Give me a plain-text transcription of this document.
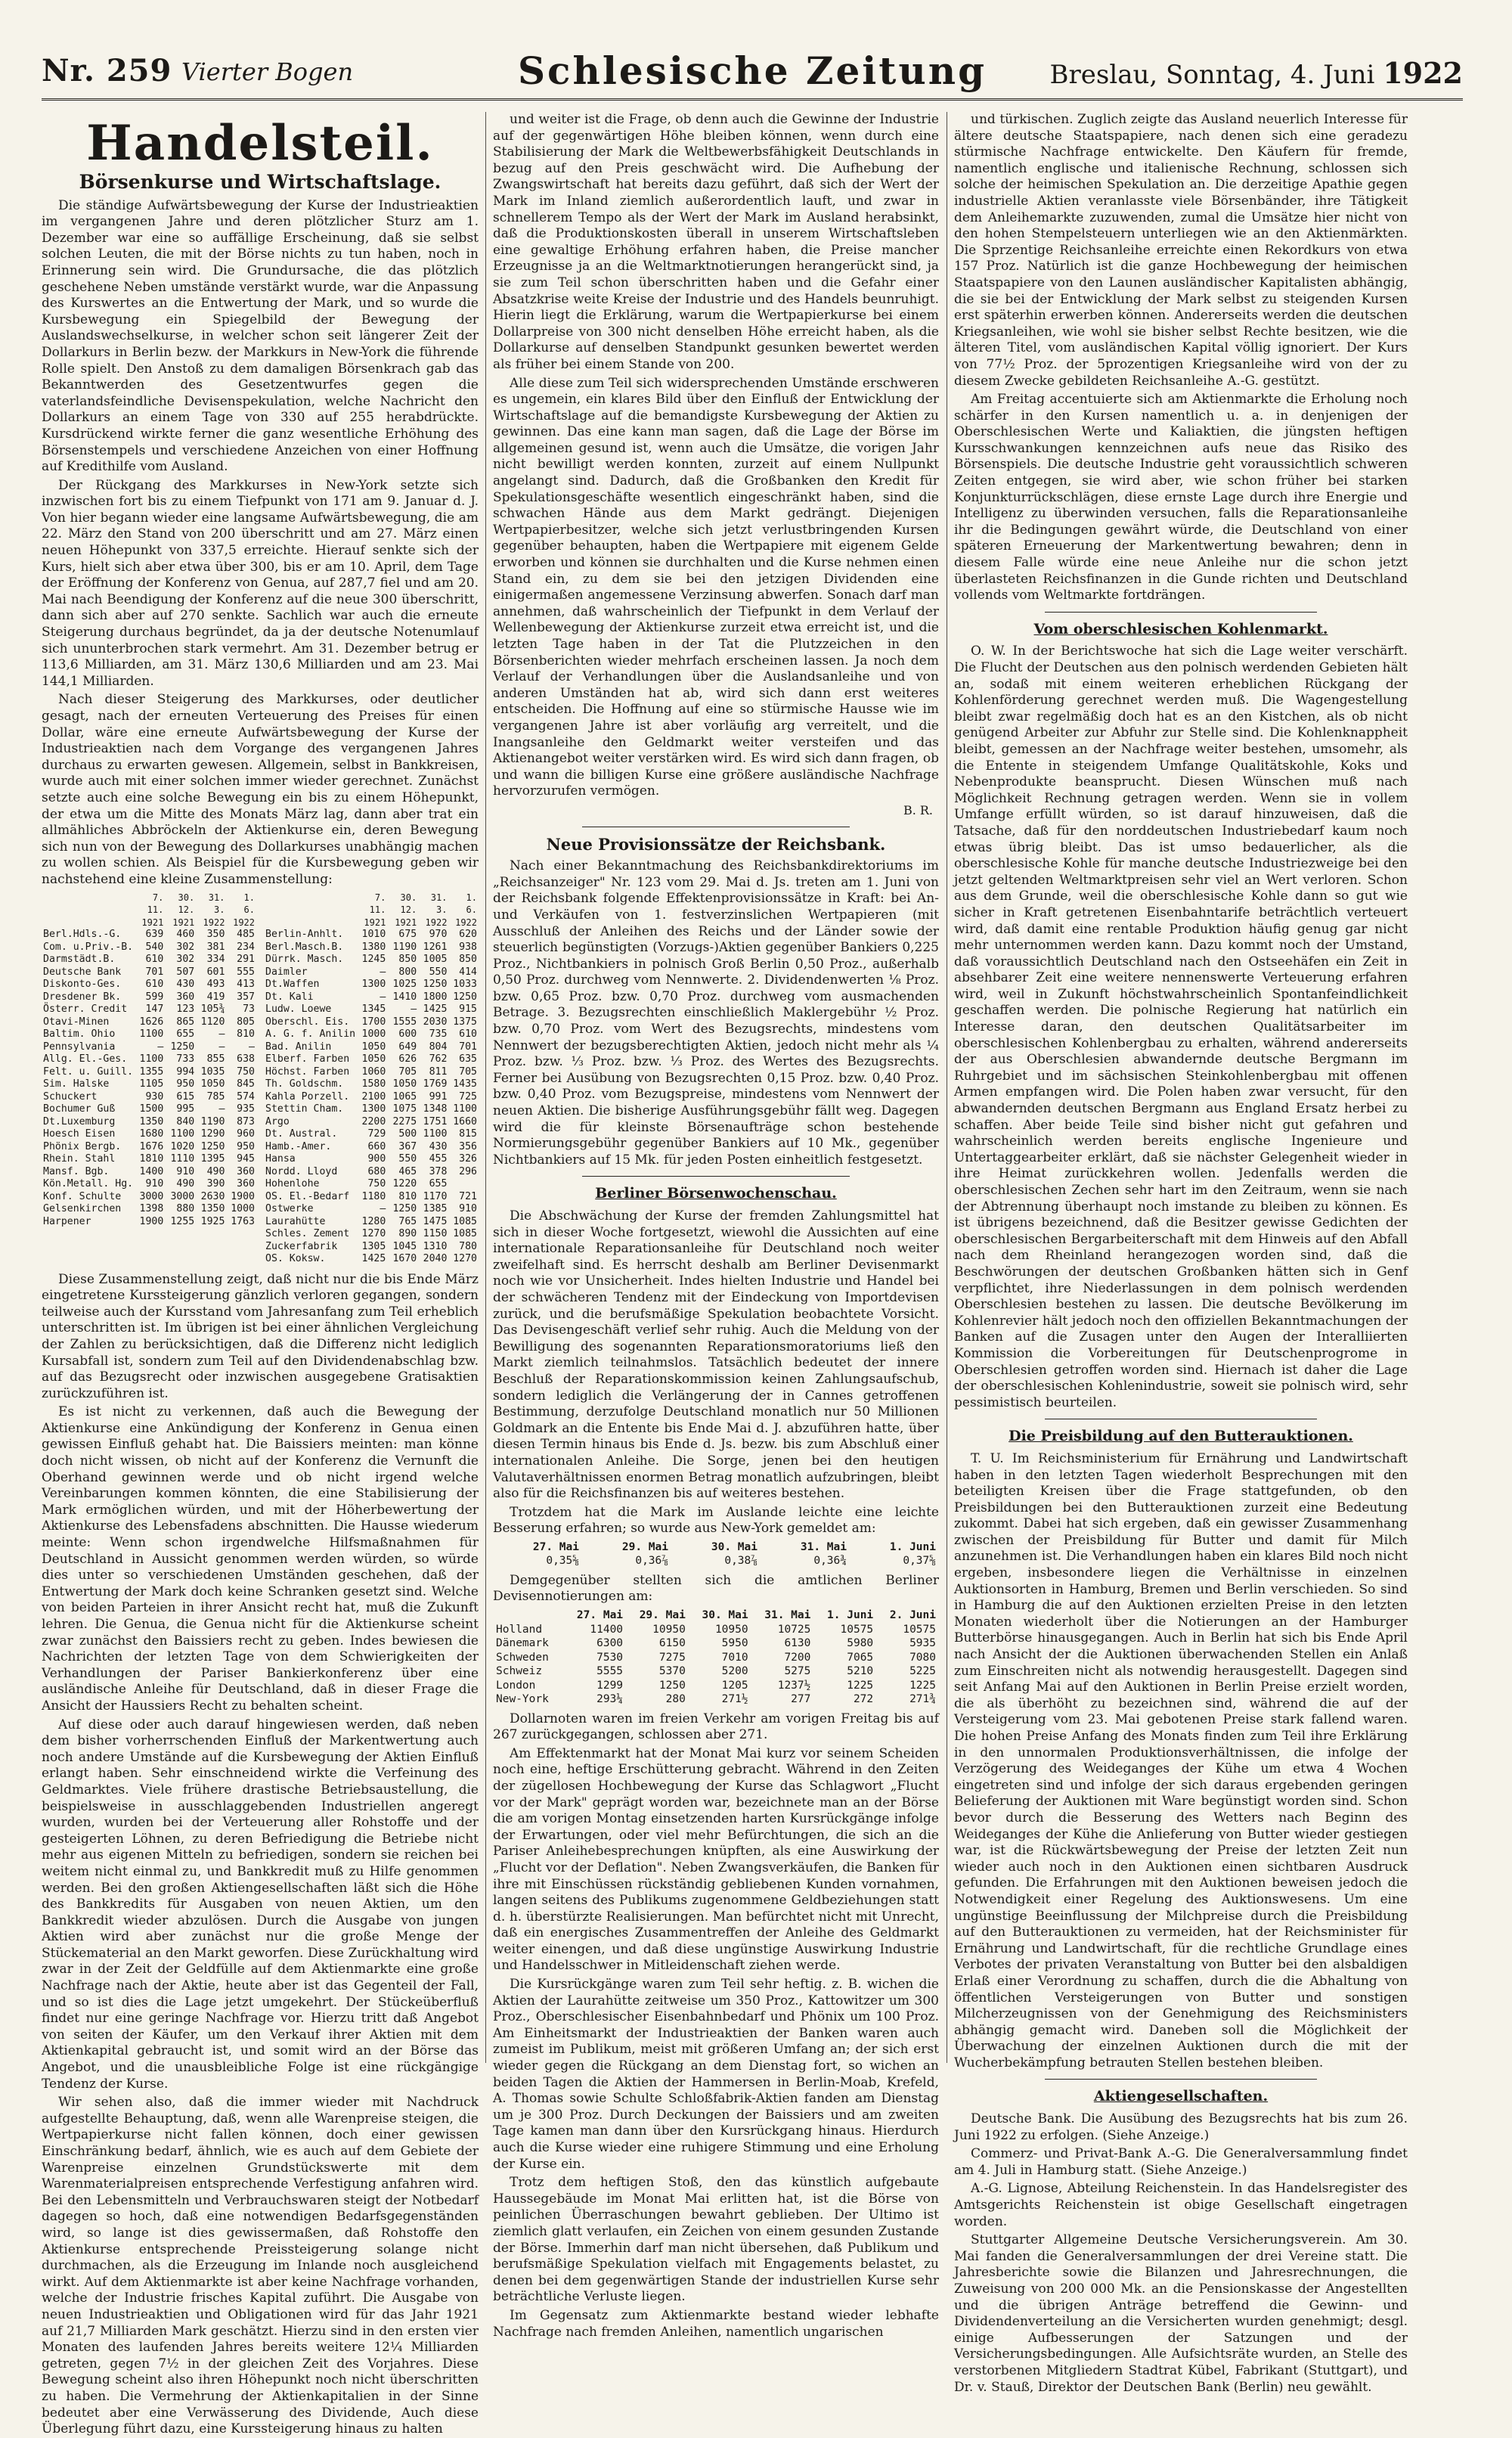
Nr. 259 Vierter Bogen	Schlesische Zeitung	Breslau, Sonntag, 4. Juni 1922
Handelsteil.
Börsenkurse und Wirtschaftslage.

Die ständige Aufwärtsbewegung der Kurse der Industrieaktien im vergangenen Jahre und deren plötzlicher Sturz am 1. Dezember war eine so auffällige Erscheinung, daß sie selbst solchen Leuten, die mit der Börse nichts zu tun haben, noch in Erinnerung sein wird. Die Grundursache, die das plötzlich geschehene Neben umstände verstärkt wurde, war die Anpassung des Kurswertes an die Entwertung der Mark, und so wurde die Kursbewegung ein Spiegelbild der Bewegung der Auslandswechselkurse, in welcher schon seit längerer Zeit der Dollarkurs in Berlin bezw. der Markkurs in New-York die führende Rolle spielt. Den Anstoß zu dem damaligen Börsenkrach gab das Bekanntwerden des Gesetzentwurfes gegen die vaterlandsfeindliche Devisenspekulation, welche Nachricht den Dollarkurs an einem Tage von 330 auf 255 herabdrückte. Kursdrückend wirkte ferner die ganz wesentliche Erhöhung des Börsenstempels und verschiedene Anzeichen von einer Hoffnung auf Kredithilfe vom Ausland.

Der Rückgang des Markkurses in New-York setzte sich inzwischen fort bis zu einem Tiefpunkt von 171 am 9. Januar d. J. Von hier begann wieder eine langsame Aufwärtsbewegung, die am 22. März den Stand von 200 überschritt und am 27. März einen neuen Höhepunkt von 337,5 erreichte. Hierauf senkte sich der Kurs, hielt sich aber etwa über 300, bis er am 10. April, dem Tage der Eröffnung der Konferenz von Genua, auf 287,7 fiel und am 20. Mai nach Beendigung der Konferenz auf die neue 300 überschritt, dann sich aber auf 270 senkte. Sachlich war auch die erneute Steigerung durchaus begründet, da ja der deutsche Notenumlauf sich ununterbrochen stark vermehrt. Am 31. Dezember betrug er 113,6 Milliarden, am 31. März 130,6 Milliarden und am 23. Mai 144,1 Milliarden.

Nach dieser Steigerung des Markkurses, oder deutlicher gesagt, nach der erneuten Verteuerung des Preises für einen Dollar, wäre eine erneute Aufwärtsbewegung der Kurse der Industrieaktien nach dem Vorgange des vergangenen Jahres durchaus zu erwarten gewesen. Allgemein, selbst in Bankkreisen, wurde auch mit einer solchen immer wieder gerechnet. Zunächst setzte auch eine solche Bewegung ein bis zu einem Höhepunkt, der etwa um die Mitte des Monats März lag, dann aber trat ein allmähliches Abbröckeln der Aktienkurse ein, deren Bewegung sich nun von der Bewegung des Dollarkurses unabhängig machen zu wollen schien. Als Beispiel für die Kursbewegung geben wir nachstehend eine kleine Zusammenstellung:

	7. 11. 1921	30. 12. 1921	31. 3. 1922	1. 6. 1922
Berl.Hdls.-G.	639	460	350	485
Com. u.Priv.-B.	540	302	381	234
Darmstädt.B.	610	302	334	291
Deutsche Bank	701	507	601	555
Diskonto-Ges.	610	430	493	413
Dresdener Bk.	599	360	419	357
Österr. Credit	147	123	105¾	73

Otavi-Minen	1626	865	1120	805
Baltim. Ohio	1100	655	—	810
Pennsylvania	—	1250	—	—

Allg. El.-Ges.	1100	733	855	638
Felt. u. Guill.	1355	994	1035	750
Sim. Halske	1105	950	1050	845
Schuckert	930	615	785	574

Bochumer Guß	1500	995	—	935
Dt.Luxemburg	1350	840	1190	873
Hoesch Eisen	1680	1100	1290	960
Phönix Bergb.	1676	1020	1250	950
Rhein. Stahl	1810	1110	1395	945
Mansf. Bgb.	1400	910	490	360
Kön.Metall. Hg.	910	490	390	360
Konf. Schulte	3000	3000	2630	1900
Gelsenkirchen	1398	880	1350	1000
Harpener	1900	1255	1925	1763
	7. 11. 1921	30. 12. 1921	31. 3. 1922	1. 6. 1922
Berlin-Anhlt.	1010	675	970	620
Berl.Masch.B.	1380	1190	1261	938
Dürrk. Masch.	1245	850	1005	850
Daimler	—	800	550	414
Dt.Waffen	1300	1025	1250	1033
Dt. Kali	—	1410	1800	1250
Ludw. Loewe	1345	—	1425	915
Oberschl. Eis.	1700	1555	2030	1375

A. G. f. Anilin	1000	600	735	610
Bad. Anilin	1050	649	804	701
Elberf. Farben	1050	626	762	635
Höchst. Farben	1060	705	811	705
Th. Goldschm.	1580	1050	1769	1435
Kahla Porzell.	2100	1065	991	725
Stettin Cham.	1300	1075	1348	1100

Argo	2200	2275	1751	1660
Dt. Austral.	729	500	1100	815
Hamb.-Amer.	660	367	430	356
Hansa	900	550	455	326
Nordd. Lloyd	680	465	378	296

Hohenlohe	750	1220	655	
OS. El.-Bedarf	1180	810	1170	721
Ostwerke	—	1250	1385	910
Laurahütte	1280	765	1475	1085
Schles. Zement	1270	890	1150	1085
Zuckerfabrik	1305	1045	1310	780
OS. Koksw.	1425	1670	2040	1270

Diese Zusammenstellung zeigt, daß nicht nur die bis Ende März eingetretene Kurssteigerung gänzlich verloren gegangen, sondern teilweise auch der Kursstand vom Jahresanfang zum Teil erheblich unterschritten ist. Im übrigen ist bei einer ähnlichen Vergleichung der Zahlen zu berücksichtigen, daß die Differenz nicht lediglich Kursabfall ist, sondern zum Teil auf den Dividendenabschlag bzw. auf das Bezugsrecht oder inzwischen ausgegebene Gratisaktien zurückzuführen ist.

Es ist nicht zu verkennen, daß auch die Bewegung der Aktienkurse eine Ankündigung der Konferenz in Genua einen gewissen Einfluß gehabt hat. Die Baissiers meinten: man könne doch nicht wissen, ob nicht auf der Konferenz die Vernunft die Oberhand gewinnen werde und ob nicht irgend welche Vereinbarungen kommen könnten, die eine Stabilisierung der Mark ermöglichen würden, und mit der Höherbewertung der Aktienkurse des Lebensfadens abschnitten. Die Hausse wiederum meinte: Wenn schon irgendwelche Hilfsmaßnahmen für Deutschland in Aussicht genommen werden würden, so würde dies unter so verschiedenen Umständen geschehen, daß der Entwertung der Mark doch keine Schranken gesetzt sind. Welche von beiden Parteien in ihrer Ansicht recht hat, muß die Zukunft lehren. Die Genua, die Genua nicht für die Aktienkurse scheint zwar zunächst den Baissiers recht zu geben. Indes bewiesen die Nachrichten der letzten Tage von dem Schwierigkeiten der Verhandlungen der Pariser Bankierkonferenz über eine ausländische Anleihe für Deutschland, daß in dieser Frage die Ansicht der Haussiers Recht zu behalten scheint.

Auf diese oder auch darauf hingewiesen werden, daß neben dem bisher vorherrschenden Einfluß der Markentwertung auch noch andere Umstände auf die Kursbewegung der Aktien Einfluß erlangt haben. Sehr einschneidend wirkte die Verfeinung des Geldmarktes. Viele frühere drastische Betriebsaustellung, die beispielsweise in ausschlaggebenden Industriellen angeregt wurden, wurden bei der Verteuerung aller Rohstoffe und der gesteigerten Löhnen, zu deren Befriedigung die Betriebe nicht mehr aus eigenen Mitteln zu befriedigen, sondern sie reichen bei weitem nicht einmal zu, und Bankkredit muß zu Hilfe genommen werden. Bei den großen Aktiengesellschaften läßt sich die Höhe des Bankkredits für Ausgaben von neuen Aktien, um den Bankkredit wieder abzulösen. Durch die Ausgabe von jungen Aktien wird aber zunächst nur die große Menge der Stückematerial an den Markt geworfen. Diese Zurückhaltung wird zwar in der Zeit der Geldfülle auf dem Aktienmarkte eine große Nachfrage nach der Aktie, heute aber ist das Gegenteil der Fall, und so ist dies die Lage jetzt umgekehrt. Der Stückeüberfluß findet nur eine geringe Nachfrage vor. Hierzu tritt daß Angebot von seiten der Käufer, um den Verkauf ihrer Aktien mit dem Aktienkapital gebraucht ist, und somit wird an der Börse das Angebot, und die unausbleibliche Folge ist eine rückgängige Tendenz der Kurse.

Wir sehen also, daß die immer wieder mit Nachdruck aufgestellte Behauptung, daß, wenn alle Warenpreise steigen, die Wertpapierkurse nicht fallen können, doch einer gewissen Einschränkung bedarf, ähnlich, wie es auch auf dem Gebiete der Warenpreise einzelnen Grundstückswerte mit dem Warenmaterialpreisen entsprechende Verfestigung anfahren wird. Bei den Lebensmitteln und Verbrauchswaren steigt der Notbedarf dagegen so hoch, daß eine notwendigen Bedarfsgegenständen wird, so lange ist dies gewissermaßen, daß Rohstoffe den Aktienkurse entsprechende Preissteigerung solange nicht durchmachen, als die Erzeugung im Inlande noch ausgleichend wirkt. Auf dem Aktienmarkte ist aber keine Nachfrage vorhanden, welche der Industrie frisches Kapital zuführt. Die Ausgabe von neuen Industrieaktien und Obligationen wird für das Jahr 1921 auf 21,7 Milliarden Mark geschätzt. Hierzu sind in den ersten vier Monaten des laufenden Jahres bereits weitere 12¼ Milliarden getreten, gegen 7½ in der gleichen Zeit des Vorjahres. Diese Bewegung scheint also ihren Höhepunkt noch nicht überschritten zu haben. Die Vermehrung der Aktienkapitalien in der Sinne bedeutet aber eine Verwässerung des Dividende, Auch diese Überlegung führt dazu, eine Kurssteigerung hinaus zu halten

und weiter ist die Frage, ob denn auch die Gewinne der Industrie auf der gegenwärtigen Höhe bleiben können, wenn durch eine Stabilisierung der Mark die Weltbewerbsfähigkeit Deutschlands in bezug auf den Preis geschwächt wird. Die Aufhebung der Zwangswirtschaft hat bereits dazu geführt, daß sich der Wert der Mark im Inland ziemlich außerordentlich lauft, und zwar in schnellerem Tempo als der Wert der Mark im Ausland herabsinkt, daß die Produktionskosten überall in unserem Wirtschaftsleben eine gewaltige Erhöhung erfahren haben, die Preise mancher Erzeugnisse ja an die Weltmarktnotierungen herangerückt sind, ja sie zum Teil schon überschritten haben und die Gefahr einer Absatzkrise weite Kreise der Industrie und des Handels beunruhigt. Hierin liegt die Erklärung, warum die Wertpapierkurse bei einem Dollarpreise von 300 nicht denselben Höhe erreicht haben, als die Dollarkurse auf denselben Standpunkt gesunken bewertet werden als früher bei einem Stande von 200.

Alle diese zum Teil sich widersprechenden Umstände erschweren es ungemein, ein klares Bild über den Einfluß der Entwicklung der Wirtschaftslage auf die bemandigste Kursbewegung der Aktien zu gewinnen. Das eine kann man sagen, daß die Lage der Börse im allgemeinen gesund ist, wenn auch die Umsätze, die vorigen Jahr nicht bewilligt werden konnten, zurzeit auf einem Nullpunkt angelangt sind. Dadurch, daß die Großbanken den Kredit für Spekulationsgeschäfte wesentlich eingeschränkt haben, sind die schwachen Hände aus dem Markt gedrängt. Diejenigen Wertpapierbesitzer, welche sich jetzt verlustbringenden Kursen gegenüber behaupten, haben die Wertpapiere mit eigenem Gelde erworben und können sie durchhalten und die Kurse nehmen einen Stand ein, zu dem sie bei den jetzigen Dividenden eine einigermaßen angemessene Verzinsung abwerfen. Sonach darf man annehmen, daß wahrscheinlich der Tiefpunkt in dem Verlauf der Wellenbewegung der Aktienkurse zurzeit etwa erreicht ist, und die letzten Tage haben in der Tat die Plutzzeichen in den Börsenberichten wieder mehrfach erscheinen lassen. Ja noch dem Verlauf der Verhandlungen über die Auslandsanleihe und von anderen Umständen hat ab, wird sich dann erst weiteres entscheiden. Die Hoffnung auf eine so stürmische Hausse wie im vergangenen Jahre ist aber vorläufig arg verreitelt, und die Inangsanleihe den Geldmarkt weiter versteifen und das Aktienangebot weiter verstärken wird. Es wird sich dann fragen, ob und wann die billigen Kurse eine größere ausländische Nachfrage hervorzurufen vermögen.

B. R.
Neue Provisionssätze der Reichsbank.

Nach einer Bekanntmachung des Reichsbankdirektoriums im „Reichsanzeiger" Nr. 123 vom 29. Mai d. Js. treten am 1. Juni von der Reichsbank folgende Effektenprovisionssätze in Kraft: bei An- und Verkäufen von 1. festverzinslichen Wertpapieren (mit Ausschluß der Anleihen des Reichs und der Länder sowie der steuerlich begünstigten (Vorzugs-)Aktien gegenüber Bankiers 0,225 Proz., Nichtbankiers in polnisch Groß Berlin 0,50 Proz., außerhalb 0,50 Proz. durchweg vom Nennwerte. 2. Dividendenwerten ⅛ Proz. bzw. 0,65 Proz. bzw. 0,70 Proz. durchweg vom ausmachenden Betrage. 3. Bezugsrechten einschließlich Maklergebühr ½ Proz. bzw. 0,70 Proz. vom Wert des Bezugsrechts, mindestens vom Nennwert der bezugsberechtigten Aktien, jedoch nicht mehr als ¼ Proz. bzw. ⅓ Proz. bzw. ⅓ Proz. des Wertes des Bezugsrechts. Ferner bei Ausübung von Bezugsrechten 0,15 Proz. bzw. 0,40 Proz. bzw. 0,40 Proz. vom Bezugspreise, mindestens vom Nennwert der neuen Aktien. Die bisherige Ausführungsgebühr fällt weg. Dagegen wird die für kleinste Börsenaufträge schon bestehende Normierungsgebühr gegenüber Bankiers auf 10 Mk., gegenüber Nichtbankiers auf 15 Mk. für jeden Posten einheitlich festgesetzt.

Berliner Börsenwochenschau.

Die Abschwächung der Kurse der fremden Zahlungsmittel hat sich in dieser Woche fortgesetzt, wiewohl die Aussichten auf eine internationale Reparationsanleihe für Deutschland noch weiter zweifelhaft sind. Es herrscht deshalb am Berliner Devisenmarkt noch wie vor Unsicherheit. Indes hielten Industrie und Handel bei der schwächeren Tendenz mit der Eindeckung von Importdevisen zurück, und die berufsmäßige Spekulation beobachtete Vorsicht. Das Devisengeschäft verlief sehr ruhig. Auch die Meldung von der Bewilligung des sogenannten Reparationsmoratoriums ließ den Markt ziemlich teilnahmslos. Tatsächlich bedeutet der innere Beschluß der Reparationskommission keinen Zahlungsaufschub, sondern lediglich die Verlängerung der in Cannes getroffenen Bestimmung, derzufolge Deutschland monatlich nur 50 Millionen Goldmark an die Entente bis Ende Mai d. J. abzuführen hatte, über diesen Termin hinaus bis Ende d. Js. bezw. bis zum Abschluß einer internationalen Anleihe. Die Sorge, jenen bei den heutigen Valutaverhältnissen enormen Betrag monatlich aufzubringen, bleibt also für die Reichsfinanzen bis auf weiteres bestehen.

Trotzdem hat die Mark im Auslande leichte eine leichte Besserung erfahren; so wurde aus New-York gemeldet am:

27. Mai	29. Mai	30. Mai	31. Mai	1. Juni
0,35⅝	0,36⅞	0,38⅞	0,36¾	0,37⅝

Demgegenüber stellten sich die amtlichen Berliner Devisennotierungen am:

	27. Mai	29. Mai	30. Mai	31. Mai	1. Juni	2. Juni
Holland	11400	10950	10950	10725	10575	10575
Dänemark	6300	6150	5950	6130	5980	5935
Schweden	7530	7275	7010	7200	7065	7080
Schweiz	5555	5370	5200	5275	5210	5225
London	1299	1250	1205	1237½	1225	1225
New-York	293¼	280	271½	277	272	271¾

Dollarnoten waren im freien Verkehr am vorigen Freitag bis auf 267 zurückgegangen, schlossen aber 271.

Am Effektenmarkt hat der Monat Mai kurz vor seinem Scheiden noch eine, heftige Erschütterung gebracht. Während in den Zeiten der zügellosen Hochbewegung der Kurse das Schlagwort „Flucht vor der Mark" geprägt worden war, bezeichnete man an der Börse die am vorigen Montag einsetzenden harten Kursrückgänge infolge der Erwartungen, oder viel mehr Befürchtungen, die sich an die Pariser Anleihebesprechungen knüpften, als eine Auswirkung der „Flucht vor der Deflation". Neben Zwangsverkäufen, die Banken für ihre mit Einschüssen rückständig gebliebenen Kunden vornahmen, langen seitens des Publikums zugenommene Geldbeziehungen statt d. h. überstürzte Realisierungen. Man befürchtet nicht mit Unrecht, daß ein energisches Zusammentreffen der Anleihe des Geldmarkt weiter einengen, und daß diese ungünstige Auswirkung Industrie und Handelsschwer in Mitleidenschaft ziehen werde.

Die Kursrückgänge waren zum Teil sehr heftig. z. B. wichen die Aktien der Laurahütte zeitweise um 350 Proz., Kattowitzer um 300 Proz., Oberschlesischer Eisenbahnbedarf und Phönix um 100 Proz. Am Einheitsmarkt der Industrieaktien der Banken waren auch zumeist im Publikum, meist mit größeren Umfang an; der sich erst wieder gegen die Rückgang an dem Dienstag fort, so wichen an beiden Tagen die Aktien der Hammersen in Berlin-Moab, Krefeld, A. Thomas sowie Schulte Schloßfabrik-Aktien fanden am Dienstag um je 300 Proz. Durch Deckungen der Baissiers und am zweiten Tage kamen man dann über den Kursrückgang hinaus. Hierdurch auch die Kurse wieder eine ruhigere Stimmung und eine Erholung der Kurse ein.

Trotz dem heftigen Stoß, den das künstlich aufgebaute Haussegebäude im Monat Mai erlitten hat, ist die Börse von peinlichen Überraschungen bewahrt geblieben. Der Ultimo ist ziemlich glatt verlaufen, ein Zeichen von einem gesunden Zustande der Börse. Immerhin darf man nicht übersehen, daß Publikum und berufsmäßige Spekulation vielfach mit Engagements belastet, zu denen bei dem gegenwärtigen Stande der industriellen Kurse sehr beträchtliche Verluste liegen.

Im Gegensatz zum Aktienmarkte bestand wieder lebhafte Nachfrage nach fremden Anleihen, namentlich ungarischen

und türkischen. Zuglich zeigte das Ausland neuerlich Interesse für ältere deutsche Staatspapiere, nach denen sich eine geradezu stürmische Nachfrage entwickelte. Den Käufern für fremde, namentlich englische und italienische Rechnung, schlossen sich solche der heimischen Spekulation an. Die derzeitige Apathie gegen industrielle Aktien veranlasste viele Börsenbänder, ihre Tätigkeit dem Anleihemarkte zuzuwenden, zumal die Umsätze hier nicht von den hohen Stempelsteuern unterliegen wie an den Aktienmärkten. Die Sprzentige Reichsanleihe erreichte einen Rekordkurs von etwa 157 Proz. Natürlich ist die ganze Hochbewegung der heimischen Staatspapiere von den Launen ausländischer Kapitalisten abhängig, die sie bei der Entwicklung der Mark selbst zu steigenden Kursen erst späterhin erwerben können. Andererseits werden die deutschen Kriegsanleihen, wie wohl sie bisher selbst Rechte besitzen, wie die älteren Titel, vom ausländischen Kapital völlig ignoriert. Der Kurs von 77½ Proz. der 5prozentigen Kriegsanleihe wird von der zu diesem Zwecke gebildeten Reichsanleihe A.-G. gestützt.

Am Freitag accentuierte sich am Aktienmarkte die Erholung noch schärfer in den Kursen namentlich u. a. in denjenigen der Oberschlesischen Werte und Kaliaktien, die jüngsten heftigen Kursschwankungen kennzeichnen aufs neue das Risiko des Börsenspiels. Die deutsche Industrie geht voraussichtlich schweren Zeiten entgegen, sie wird aber, wie schon früher bei starken Konjunkturrückschlägen, diese ernste Lage durch ihre Energie und Intelligenz zu überwinden versuchen, falls die Reparationsanleihe ihr die Bedingungen gewährt würde, die Deutschland von einer späteren Erneuerung der Markentwertung bewahren; denn in diesem Falle würde eine neue Anleihe nur die schon jetzt überlasteten Reichsfinanzen in die Gunde richten und Deutschland vollends vom Weltmarkte fortdrängen.

Vom oberschlesischen Kohlenmarkt.

O. W. In der Berichtswoche hat sich die Lage weiter verschärft. Die Flucht der Deutschen aus den polnisch werdenden Gebieten hält an, sodaß mit einem weiteren erheblichen Rückgang der Kohlenförderung gerechnet werden muß. Die Wagengestellung bleibt zwar regelmäßig doch hat es an den Kistchen, als ob nicht genügend Arbeiter zur Abfuhr zur Stelle sind. Die Kohlenknappheit bleibt, gemessen an der Nachfrage weiter bestehen, umsomehr, als die Entente in steigendem Umfange Qualitätskohle, Koks und Nebenprodukte beansprucht. Diesen Wünschen muß nach Möglichkeit Rechnung getragen werden. Wenn sie in vollem Umfange erfüllt würden, so ist darauf hinzuweisen, daß die Tatsache, daß für den norddeutschen Industriebedarf kaum noch etwas übrig bleibt. Das ist umso bedauerlicher, als die oberschlesische Kohle für manche deutsche Industriezweige bei den jetzt geltenden Weltmarktpreisen sehr viel an Wert verloren. Schon aus dem Grunde, weil die oberschlesische Kohle dann so gut wie sicher in Kraft getretenen Eisenbahntarife beträchtlich verteuert wird, daß damit eine rentable Produktion häufig genug gar nicht mehr unternommen werden kann. Dazu kommt noch der Umstand, daß voraussichtlich Deutschland nach den Ostseehäfen ein Zeit in absehbarer Zeit eine weitere nennenswerte Verteuerung erfahren wird, weil in Zukunft höchstwahrscheinlich Spontanfeindlichkeit geschaffen werden. Die polnische Regierung hat natürlich ein Interesse daran, den deutschen Qualitätsarbeiter im oberschlesischen Kohlenbergbau zu erhalten, während andererseits der aus Oberschlesien abwandernde deutsche Bergmann im Ruhrgebiet und im sächsischen Steinkohlenbergbau mit offenen Armen empfangen wird. Die Polen haben zwar versucht, für den abwandernden deutschen Bergmann aus England Ersatz herbei zu schaffen. Aber beide Teile sind bisher nicht gut gefahren und wahrscheinlich werden bereits englische Ingenieure und Untertaggearbeiter erklärt, daß sie nächster Gelegenheit wieder in ihre Heimat zurückkehren wollen. Jedenfalls werden die oberschlesischen Zechen sehr hart im den Zeitraum, wenn sie nach der Abtrennung überhaupt noch imstande zu bleiben zu können. Es ist übrigens bezeichnend, daß die Besitzer gewisse Gedichten der oberschlesischen Bergarbeiterschaft mit dem Hinweis auf den Abfall nach dem Rheinland herangezogen worden sind, daß die Beschwörungen der deutschen Großbanken hätten sich in Genf verpflichtet, ihre Niederlassungen in dem polnisch werdenden Oberschlesien bestehen zu lassen. Die deutsche Bevölkerung im Kohlenrevier hält jedoch noch den offiziellen Bekanntmachungen der Banken auf die Zusagen unter den Augen der Interalliierten Kommission die Vorbereitungen für Deutschenprogrome in Oberschlesien getroffen worden sind. Hiernach ist daher die Lage der oberschlesischen Kohlenindustrie, soweit sie polnisch wird, sehr pessimistisch beurteilen.

Die Preisbildung auf den Butterauktionen.

T. U. Im Reichsministerium für Ernährung und Landwirtschaft haben in den letzten Tagen wiederholt Besprechungen mit den beteiligten Kreisen über die Frage stattgefunden, ob den Preisbildungen bei den Butterauktionen zurzeit eine Bedeutung zukommt. Dabei hat sich ergeben, daß ein gewisser Zusammenhang zwischen der Preisbildung für Butter und damit für Milch anzunehmen ist. Die Verhandlungen haben ein klares Bild noch nicht ergeben, insbesondere liegen die Verhältnisse in einzelnen Auktionsorten in Hamburg, Bremen und Berlin verschieden. So sind in Hamburg die auf den Auktionen erzielten Preise in den letzten Monaten wiederholt über die Notierungen an der Hamburger Butterbörse hinausgegangen. Auch in Berlin hat sich bis Ende April nach Ansicht der die Auktionen überwachenden Stellen ein Anlaß zum Einschreiten nicht als notwendig herausgestellt. Dagegen sind seit Anfang Mai auf den Auktionen in Berlin Preise erzielt worden, die als überhöht zu bezeichnen sind, während die auf der Versteigerung vom 23. Mai gebotenen Preise stark fallend waren. Die hohen Preise Anfang des Monats finden zum Teil ihre Erklärung in den unnormalen Produktionsverhältnissen, die infolge der Verzögerung des Weideganges der Kühe um etwa 4 Wochen eingetreten sind und infolge der sich daraus ergebenden geringen Belieferung der Auktionen mit Ware begünstigt worden sind. Schon bevor durch die Besserung des Wetters nach Beginn des Weideganges der Kühe die Anlieferung von Butter wieder gestiegen war, ist die Rückwärtsbewegung der Preise der letzten Zeit nun wieder auch noch in den Auktionen einen sichtbaren Ausdruck gefunden. Die Erfahrungen mit den Auktionen beweisen jedoch die Notwendigkeit einer Regelung des Auktionswesens. Um eine ungünstige Beeinflussung der Milchpreise durch die Preisbildung auf den Butterauktionen zu vermeiden, hat der Reichsminister für Ernährung und Landwirtschaft, für die rechtliche Grundlage eines Verbotes der privaten Veranstaltung von Butter bei den alsbaldigen Erlaß einer Verordnung zu schaffen, durch die die Abhaltung von öffentlichen Versteigerungen von Butter und sonstigen Milcherzeugnissen von der Genehmigung des Reichsministers abhängig gemacht wird. Daneben soll die Möglichkeit der Überwachung der einzelnen Auktionen durch die mit der Wucherbekämpfung betrauten Stellen bestehen bleiben.

Aktiengesellschaften.

Deutsche Bank. Die Ausübung des Bezugsrechts hat bis zum 26. Juni 1922 zu erfolgen. (Siehe Anzeige.)

Commerz- und Privat-Bank A.-G. Die Generalversammlung findet am 4. Juli in Hamburg statt. (Siehe Anzeige.)

A.-G. Lignose, Abteilung Reichenstein. In das Handelsregister des Amtsgerichts Reichenstein ist obige Gesellschaft eingetragen worden.

Stuttgarter Allgemeine Deutsche Versicherungsverein. Am 30. Mai fanden die Generalversammlungen der drei Vereine statt. Die Jahresberichte sowie die Bilanzen und Jahresrechnungen, die Zuweisung von 200 000 Mk. an die Pensionskasse der Angestellten und die übrigen Anträge betreffend die Gewinn- und Dividendenverteilung an die Versicherten wurden genehmigt; desgl. einige Aufbesserungen der Satzungen und der Versicherungsbedingungen. Alle Aufsichtsräte wurden, an Stelle des verstorbenen Mitgliedern Stadtrat Kübel, Fabrikant (Stuttgart), und Dr. v. Stauß, Direktor der Deutschen Bank (Berlin) neu gewählt.
